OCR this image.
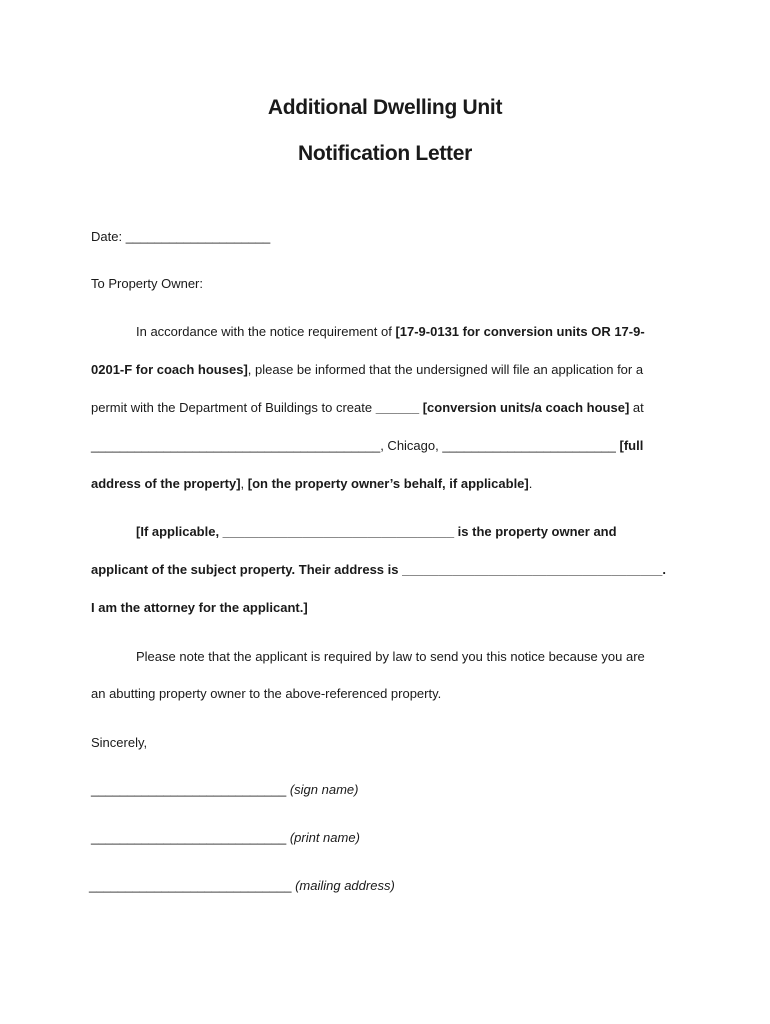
Additional Dwelling Unit
Notification Letter
Date: ____________________
To Property Owner:
In accordance with the notice requirement of [17-9-0131 for conversion units OR 17-9-
0201-F for coach houses], please be informed that the undersigned will file an application for a
permit with the Department of Buildings to create ______ [conversion units/a coach house] at
________________________________________, Chicago, ________________________ [full
address of the property], [on the property owner’s behalf, if applicable].
[If applicable, ________________________________ is the property owner and
applicant of the subject property. Their address is ____________________________________.
I am the attorney for the applicant.]
Please note that the applicant is required by law to send you this notice because you are
an abutting property owner to the above-referenced property.
Sincerely,
___________________________ (sign name)
___________________________ (print name)
____________________________ (mailing address)
